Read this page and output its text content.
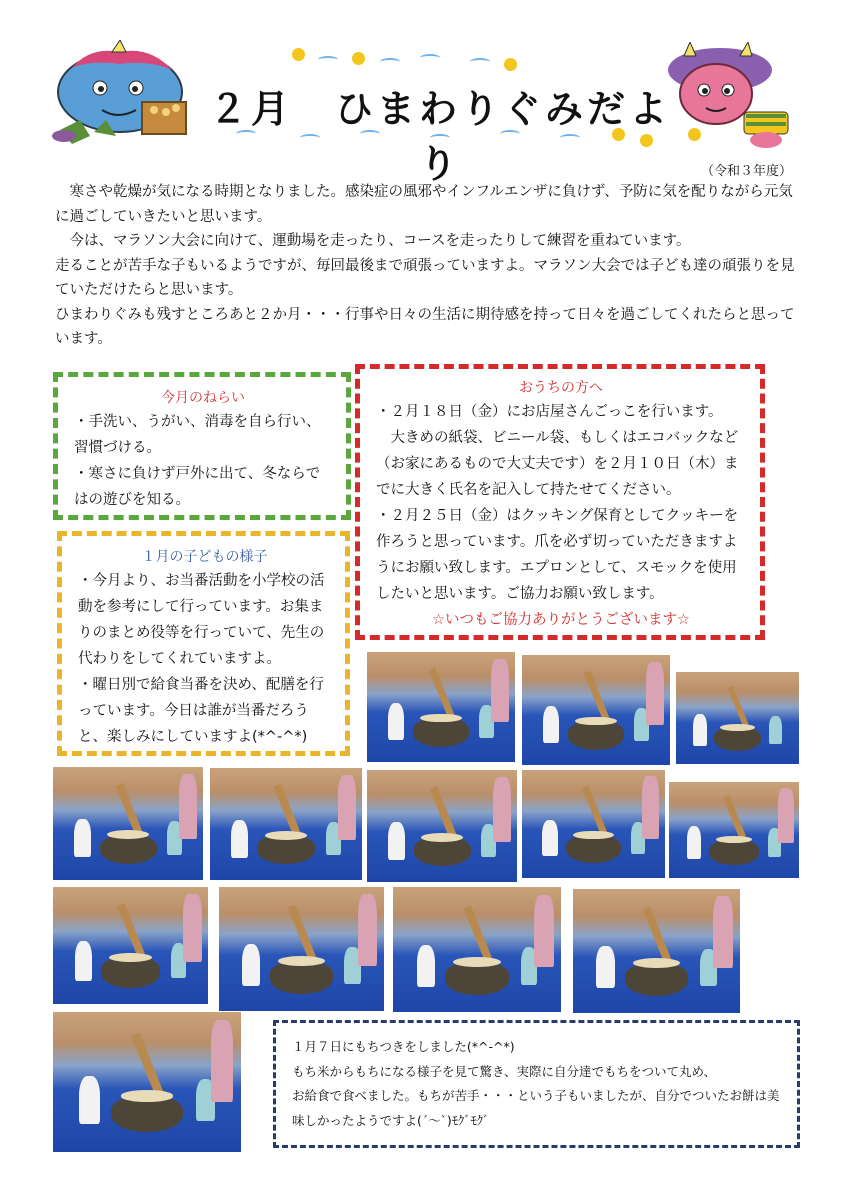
２月　ひまわりぐみだより	（令和３年度）

　寒さや乾燥が気になる時期となりました。感染症の風邪やインフルエンザに負けず、予防に気を配りながら元気に過ごしていきたいと思います。

　今は、マラソン大会に向けて、運動場を走ったり、コースを走ったりして練習を重ねています。

走ることが苦手な子もいるようですが、毎回最後まで頑張っていますよ。マラソン大会では子ども達の頑張りを見ていただけたらと思います。

ひまわりぐみも残すところあと２か月・・・行事や日々の生活に期待感を持って日々を過ごしてくれたらと思っています。

今月のねらい

・手洗い、うがい、消毒を自ら行い、習慣づける。

・寒さに負けず戸外に出て、冬ならではの遊びを知る。

１月の子どもの様子

・今月より、お当番活動を小学校の活動を参考にして行っています。お集まりのまとめ役等を行っていて、先生の代わりをしてくれていますよ。

・曜日別で給食当番を決め、配膳を行っています。今日は誰が当番だろうと、楽しみにしていますよ(*^-^*)

おうちの方へ

・２月１８日（金）にお店屋さんごっこを行います。

　大きめの紙袋、ビニール袋、もしくはエコバックなど（お家にあるもので大丈夫です）を２月１０日（木）までに大きく氏名を記入して持たせてください。

・２月２５日（金）はクッキング保育としてクッキーを作ろうと思っています。爪を必ず切っていただきますようにお願い致します。エプロンとして、スモックを使用したいと思います。ご協力お願い致します。

☆いつもご協力ありがとうございます☆

１月７日にもちつきをしました(*^-^*)

もち米からもちになる様子を見て驚き、実際に自分達でもちをついて丸め、

お給食で食べました。もちが苦手・・・という子もいましたが、自分でついたお餅は美

味しかったようですよ(´～`)ﾓｸﾞﾓｸﾞ
